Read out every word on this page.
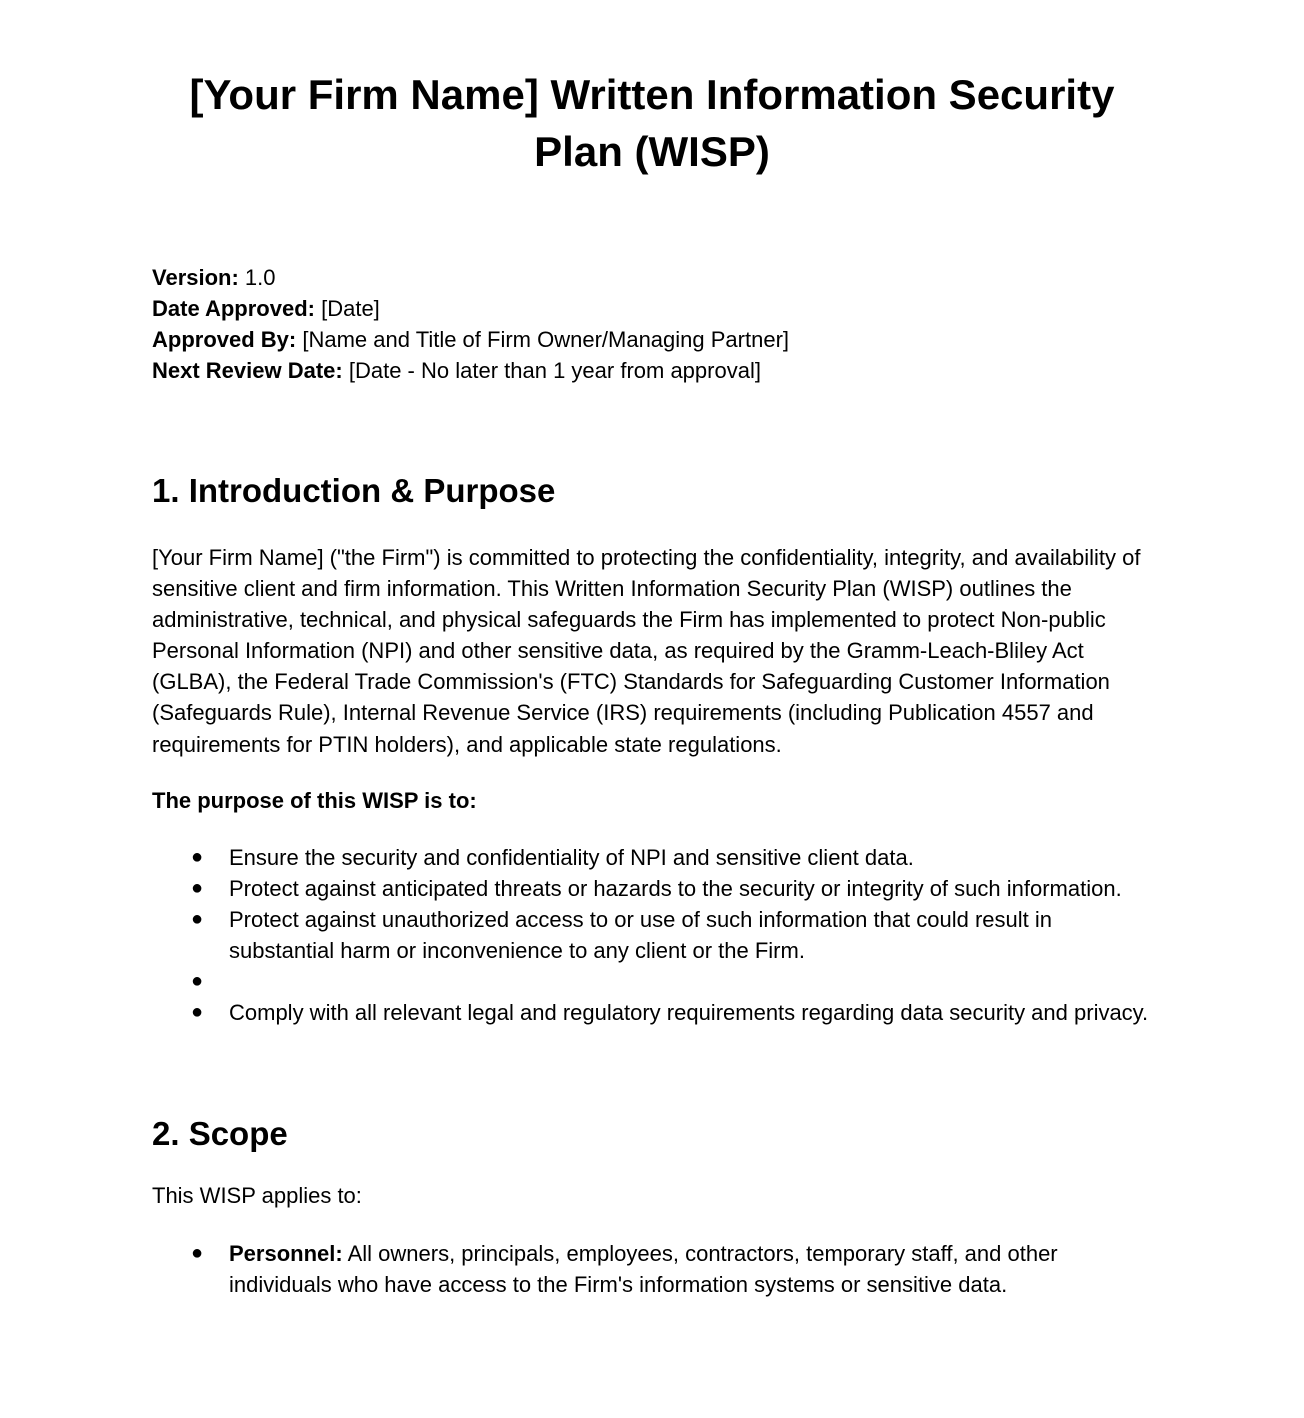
[Your Firm Name] Written Information Security Plan (WISP)
Version: 1.0
Date Approved: [Date]
Approved By: [Name and Title of Firm Owner/Managing Partner]
Next Review Date: [Date - No later than 1 year from approval]
1. Introduction & Purpose

[Your Firm Name] ("the Firm") is committed to protecting the confidentiality, integrity, and availability of sensitive client and firm information. This Written Information Security Plan (WISP) outlines the administrative, technical, and physical safeguards the Firm has implemented to protect Non-public Personal Information (NPI) and other sensitive data, as required by the Gramm-Leach-Bliley Act (GLBA), the Federal Trade Commission's (FTC) Standards for Safeguarding Customer Information (Safeguards Rule), Internal Revenue Service (IRS) requirements (including Publication 4557 and requirements for PTIN holders), and applicable state regulations.

The purpose of this WISP is to:

● Ensure the security and confidentiality of NPI and sensitive client data.
● Protect against anticipated threats or hazards to the security or integrity of such information.
● Protect against unauthorized access to or use of such information that could result in substantial harm or inconvenience to any client or the Firm.
●
● Comply with all relevant legal and regulatory requirements regarding data security and privacy.
2. Scope

This WISP applies to:

● Personnel: All owners, principals, employees, contractors, temporary staff, and other individuals who have access to the Firm's information systems or sensitive data.
